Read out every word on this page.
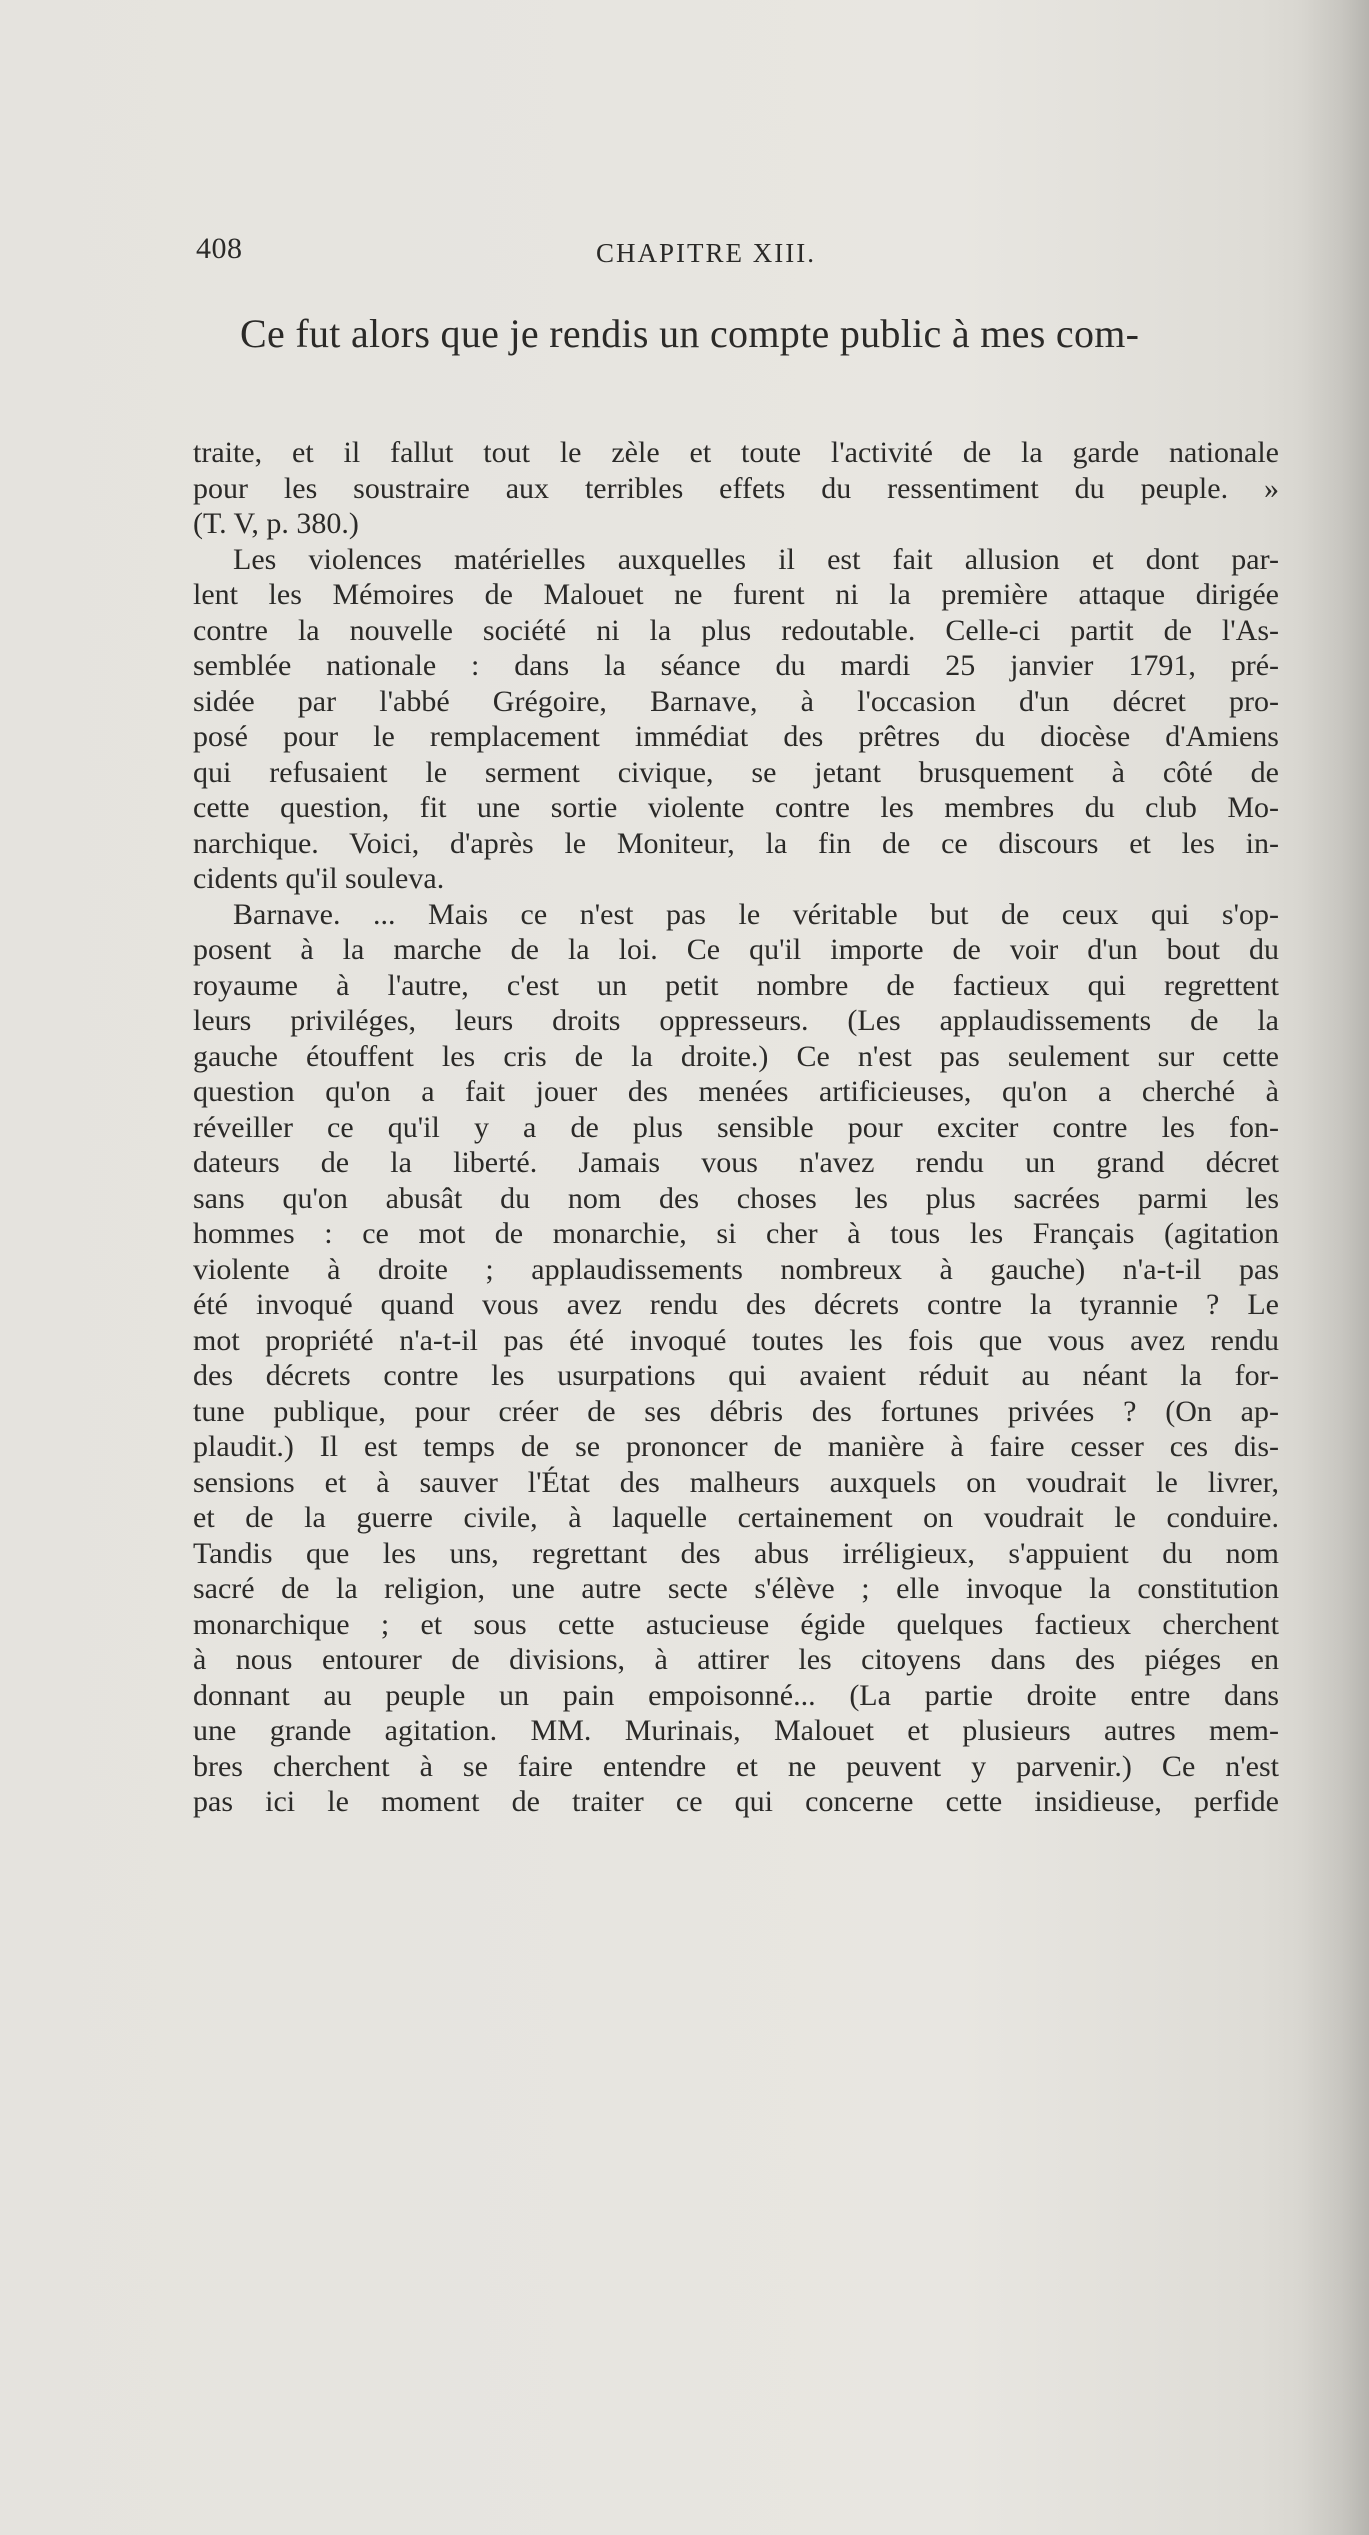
408	CHAPITRE XIII.
Ce fut alors que je rendis un compte public à mes com-
traite, et il fallut tout le zèle et toute l'activité de la garde nationale
pour les soustraire aux terribles effets du ressentiment du peuple. »
(T. V, p. 380.)
Les violences matérielles auxquelles il est fait allusion et dont par-
lent les Mémoires de Malouet ne furent ni la première attaque dirigée
contre la nouvelle société ni la plus redoutable. Celle-ci partit de l'As-
semblée nationale : dans la séance du mardi 25 janvier 1791, pré-
sidée par l'abbé Grégoire, Barnave, à l'occasion d'un décret pro-
posé pour le remplacement immédiat des prêtres du diocèse d'Amiens
qui refusaient le serment civique, se jetant brusquement à côté de
cette question, fit une sortie violente contre les membres du club Mo-
narchique. Voici, d'après le Moniteur, la fin de ce discours et les in-
cidents qu'il souleva.
Barnave. ... Mais ce n'est pas le véritable but de ceux qui s'op-
posent à la marche de la loi. Ce qu'il importe de voir d'un bout du
royaume à l'autre, c'est un petit nombre de factieux qui regrettent
leurs priviléges, leurs droits oppresseurs. (Les applaudissements de la
gauche étouffent les cris de la droite.) Ce n'est pas seulement sur cette
question qu'on a fait jouer des menées artificieuses, qu'on a cherché à
réveiller ce qu'il y a de plus sensible pour exciter contre les fon-
dateurs de la liberté. Jamais vous n'avez rendu un grand décret
sans qu'on abusât du nom des choses les plus sacrées parmi les
hommes : ce mot de monarchie, si cher à tous les Français (agitation
violente à droite ; applaudissements nombreux à gauche) n'a-t-il pas
été invoqué quand vous avez rendu des décrets contre la tyrannie ? Le
mot propriété n'a-t-il pas été invoqué toutes les fois que vous avez rendu
des décrets contre les usurpations qui avaient réduit au néant la for-
tune publique, pour créer de ses débris des fortunes privées ? (On ap-
plaudit.) Il est temps de se prononcer de manière à faire cesser ces dis-
sensions et à sauver l'État des malheurs auxquels on voudrait le livrer,
et de la guerre civile, à laquelle certainement on voudrait le conduire.
Tandis que les uns, regrettant des abus irréligieux, s'appuient du nom
sacré de la religion, une autre secte s'élève ; elle invoque la constitution
monarchique ; et sous cette astucieuse égide quelques factieux cherchent
à nous entourer de divisions, à attirer les citoyens dans des piéges en
donnant au peuple un pain empoisonné... (La partie droite entre dans
une grande agitation. MM. Murinais, Malouet et plusieurs autres mem-
bres cherchent à se faire entendre et ne peuvent y parvenir.) Ce n'est
pas ici le moment de traiter ce qui concerne cette insidieuse, perfide
